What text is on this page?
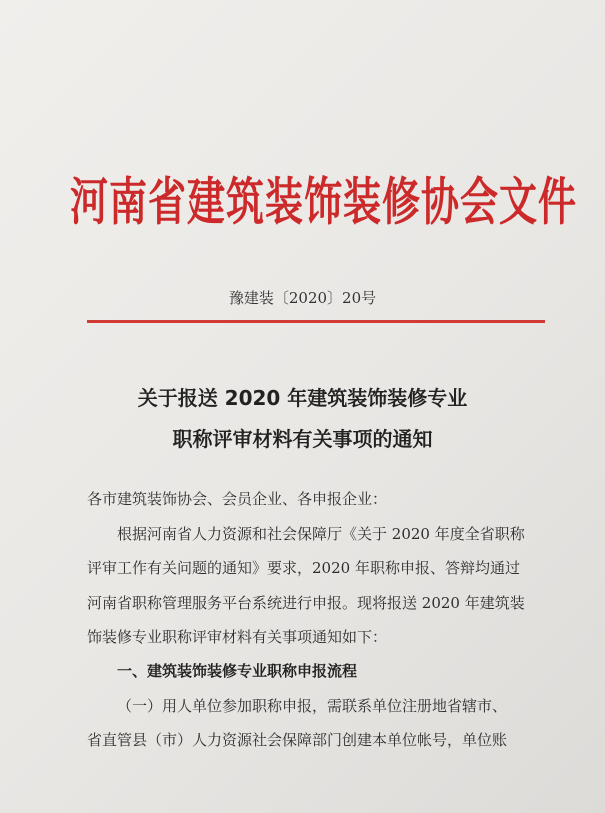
河南省建筑装饰装修协会文件
豫建装〔2020〕20号
关于报送 2020 年建筑装饰装修专业
职称评审材料有关事项的通知
各市建筑装饰协会、会员企业、各申报企业：
根据河南省人力资源和社会保障厅《关于 2020 年度全省职称
评审工作有关问题的通知》要求，2020 年职称申报、答辩均通过
河南省职称管理服务平台系统进行申报。现将报送 2020 年建筑装
饰装修专业职称评审材料有关事项通知如下：
一、建筑装饰装修专业职称申报流程
（一）用人单位参加职称申报，需联系单位注册地省辖市、
省直管县（市）人力资源社会保障部门创建本单位帐号，单位账
